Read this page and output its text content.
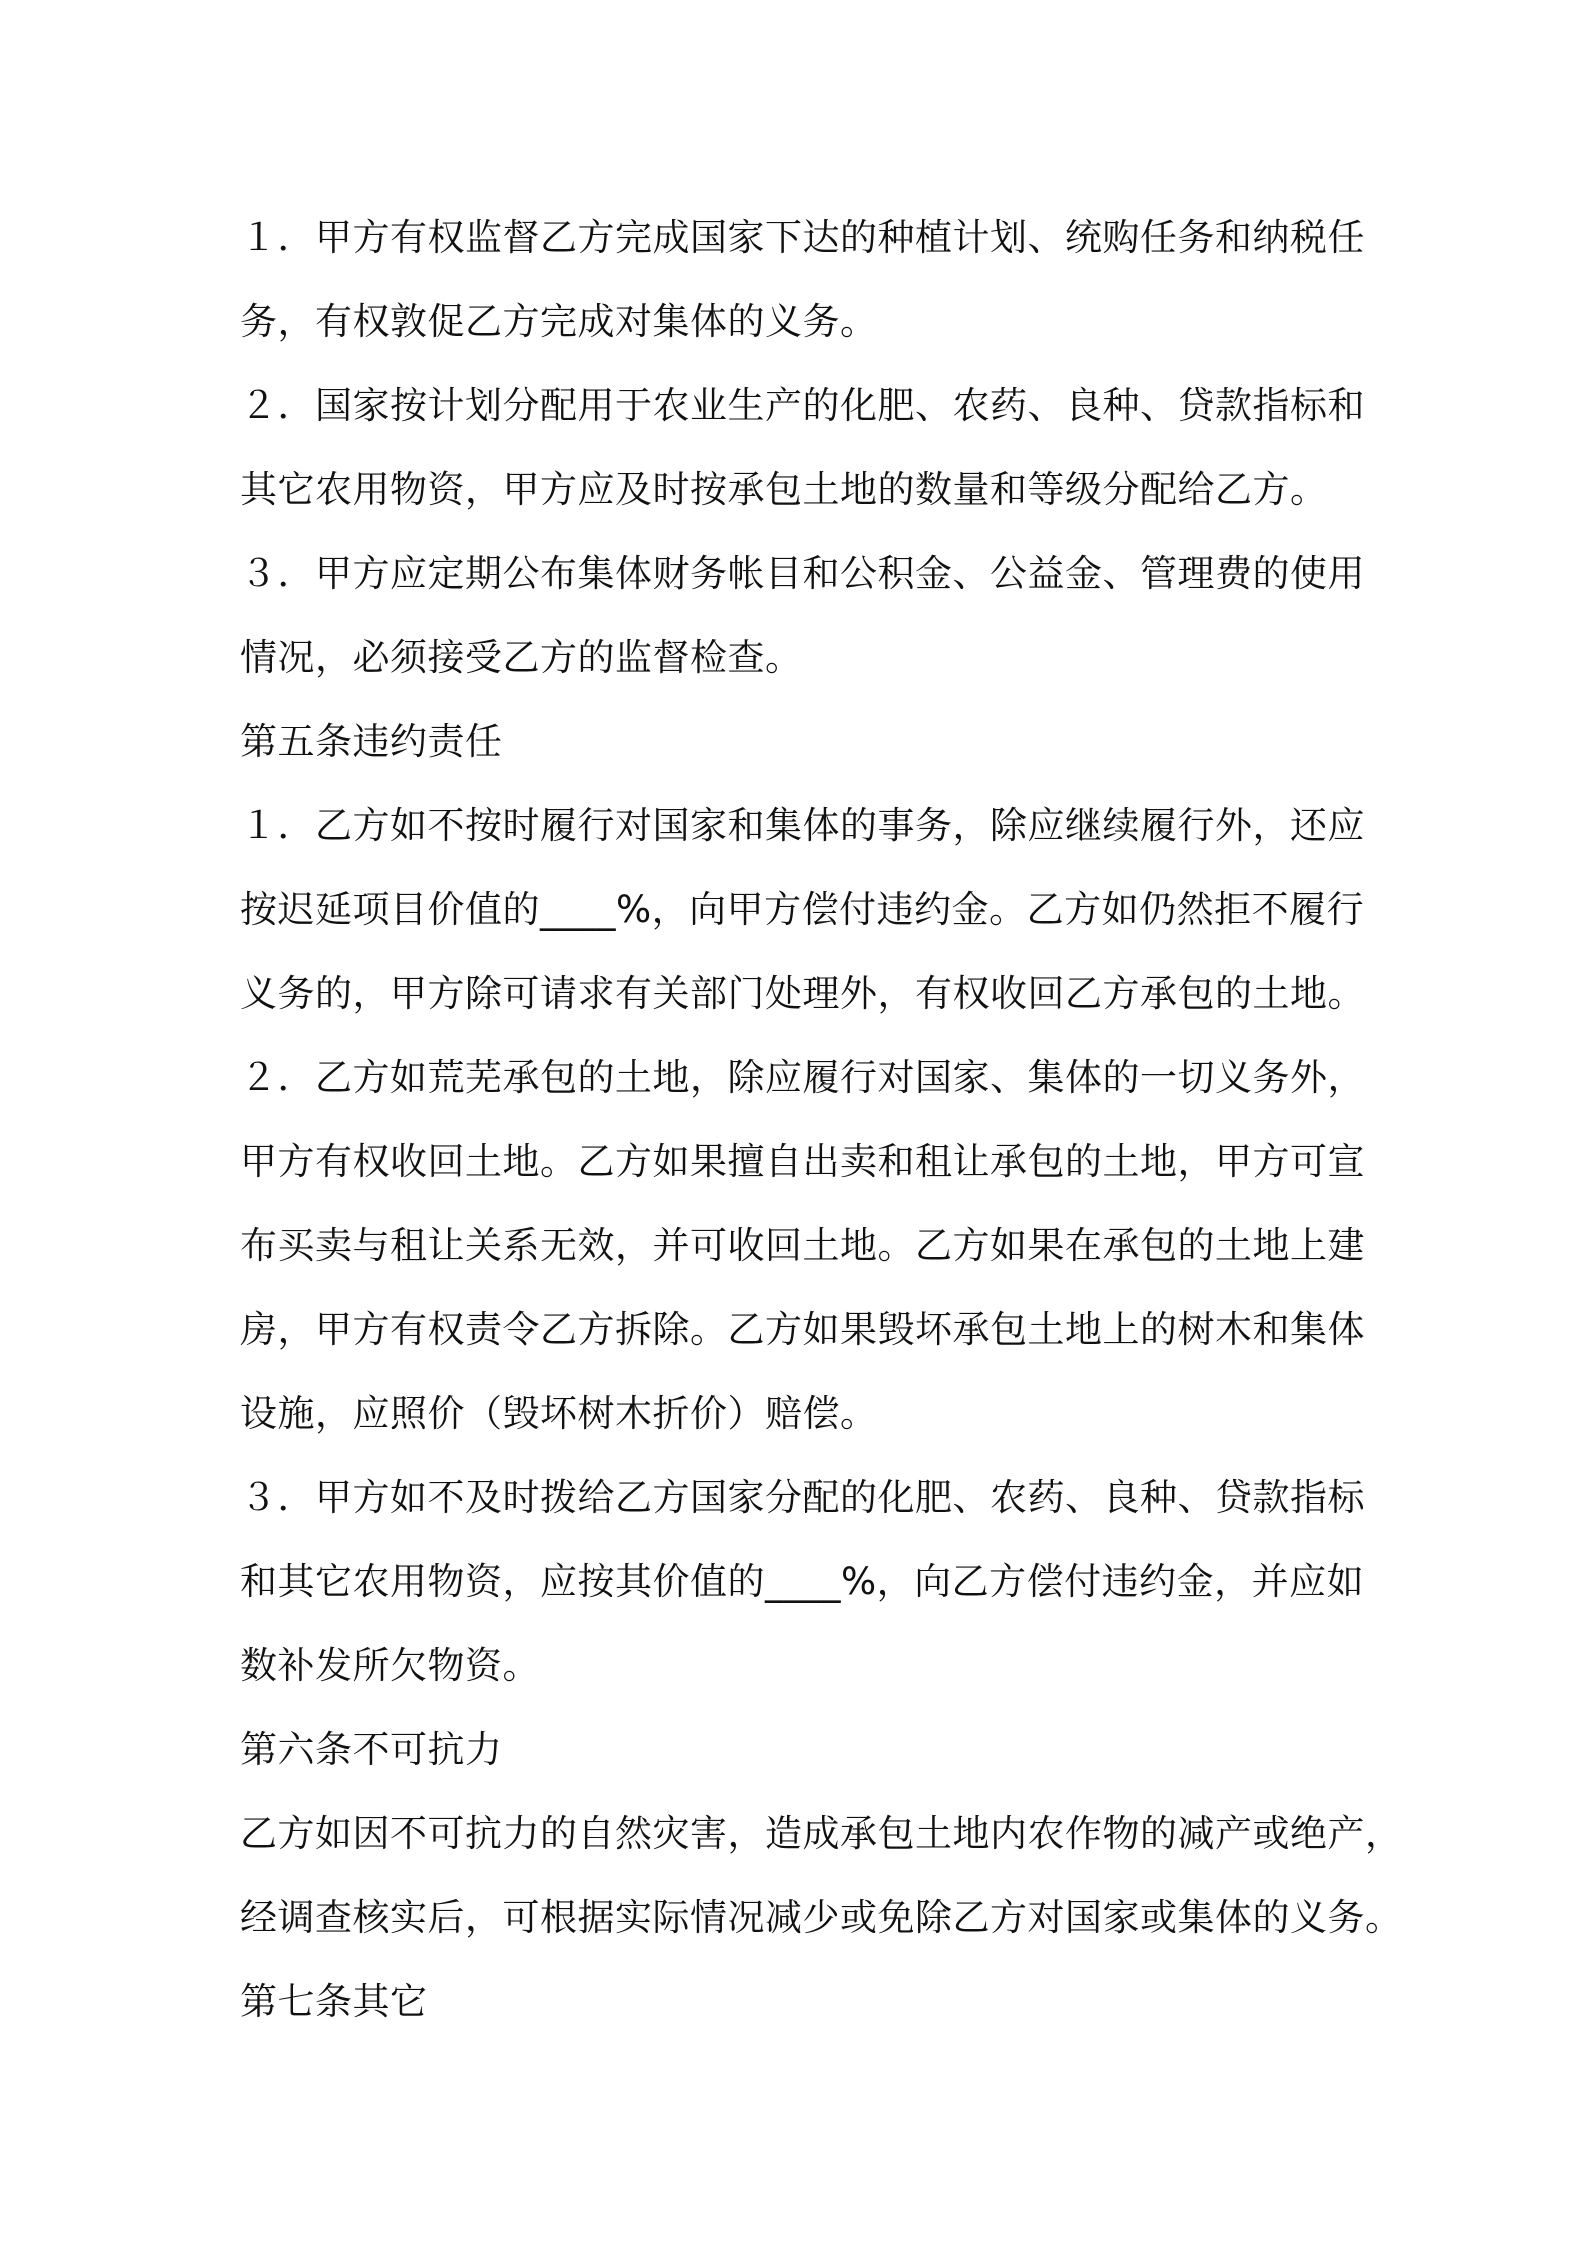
１．甲方有权监督乙方完成国家下达的种植计划、统购任务和纳税任
务，有权敦促乙方完成对集体的义务。
２．国家按计划分配用于农业生产的化肥、农药、良种、贷款指标和
其它农用物资，甲方应及时按承包土地的数量和等级分配给乙方。
３．甲方应定期公布集体财务帐目和公积金、公益金、管理费的使用
情况，必须接受乙方的监督检查。
第五条违约责任
１．乙方如不按时履行对国家和集体的事务，除应继续履行外，还应
按迟延项目价值的____%，向甲方偿付违约金。乙方如仍然拒不履行
义务的，甲方除可请求有关部门处理外，有权收回乙方承包的土地。
２．乙方如荒芜承包的土地，除应履行对国家、集体的一切义务外，
甲方有权收回土地。乙方如果擅自出卖和租让承包的土地，甲方可宣
布买卖与租让关系无效，并可收回土地。乙方如果在承包的土地上建
房，甲方有权责令乙方拆除。乙方如果毁坏承包土地上的树木和集体
设施，应照价（毁坏树木折价）赔偿。
３．甲方如不及时拨给乙方国家分配的化肥、农药、良种、贷款指标
和其它农用物资，应按其价值的____%，向乙方偿付违约金，并应如
数补发所欠物资。
第六条不可抗力
乙方如因不可抗力的自然灾害，造成承包土地内农作物的减产或绝产，
经调查核实后，可根据实际情况减少或免除乙方对国家或集体的义务。
第七条其它
